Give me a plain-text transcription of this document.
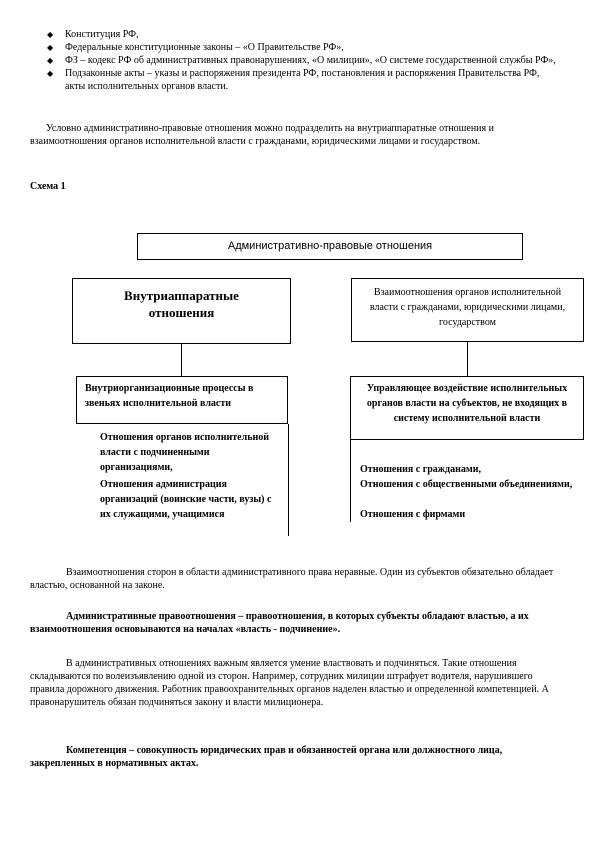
◆ Конституция РФ,
◆ Федеральные конституционные законы – «О Правительстве РФ»,
◆ ФЗ – кодекс РФ об административных правонарушениях, «О милиции», «О системе государственной службы РФ»,
◆ Подзаконные акты – указы и распоряжения президента РФ, постановления и распоряжения Правительства РФ, акты исполнительных органов власти.
Условно административно-правовые отношения можно подразделить на внутриаппаратные отношения и взаимоотношения органов исполнительной власти с гражданами, юридическими лицами и государством.
Схема 1
Административно-правовые отношения
Внутриаппаратные отношения
Взаимоотношения органов исполнительной власти с гражданами, юридическими лицами, государством
Внутриорганизационные процессы в звеньях исполнительной власти
Отношения органов исполнительной власти с подчиненными организациями,
Отношения администрация организаций (воинские части, вузы) с их служащими, учащимися
Управляющее воздействие исполнительных органов власти на субъектов, не входящих в систему исполнительной власти
Отношения с гражданами,
Отношения с общественными объединениями,
Отношения с фирмами
Взаимоотношения сторон в области административного права неравные. Один из субъектов обязательно обладает властью, основанной на законе.
Административные правоотношения – правоотношения, в которых субъекты обладают властью, а их взаимоотношения основываются на началах «власть - подчинение».
В административных отношениях важным является умение властвовать и подчиняться. Такие отношения складываются по волеизъявлению одной из сторон. Например, сотрудник милиции штрафует водителя, нарушившего правила дорожного движения. Работник правоохранительных органов наделен властью и определенной компетенцией. А правонарушитель обязан подчиняться закону и власти милиционера.
Компетенция – совокупность юридических прав и обязанностей органа или должностного лица, закрепленных в нормативных актах.
